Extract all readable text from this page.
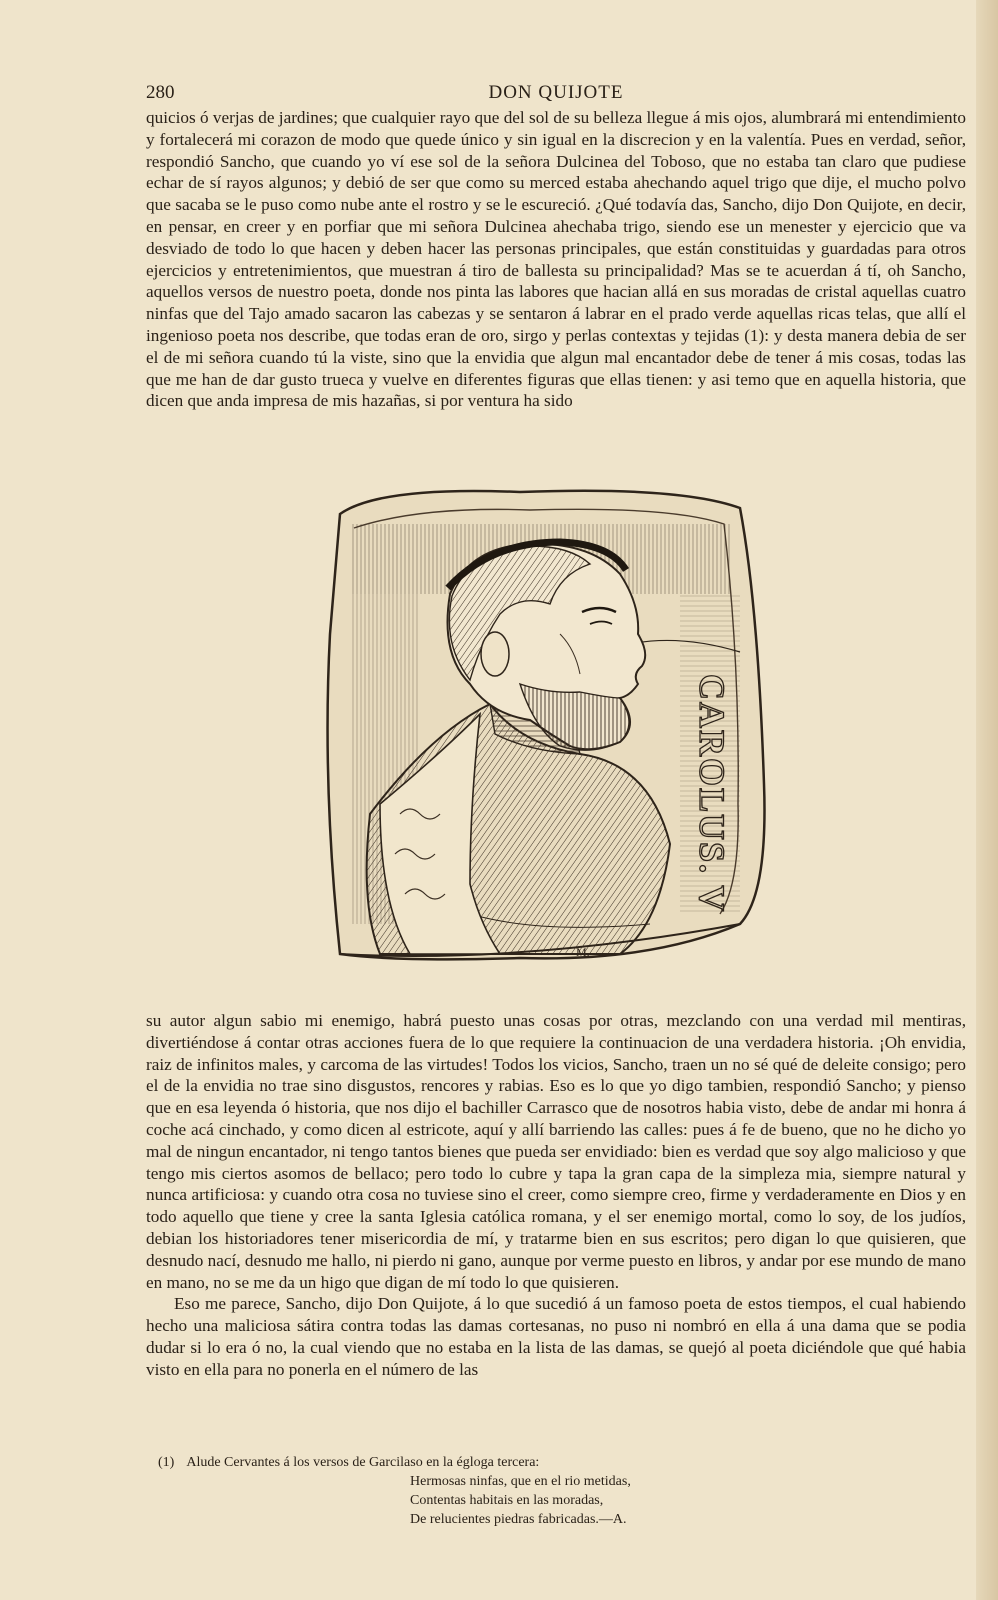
280	DON QUIJOTE

quicios ó verjas de jardines; que cualquier rayo que del sol de su belleza llegue á mis ojos, alumbrará mi entendimiento y fortalecerá mi corazon de modo que quede único y sin igual en la discrecion y en la valentía. Pues en verdad, señor, respondió Sancho, que cuando yo ví ese sol de la señora Dulcinea del Toboso, que no estaba tan claro que pudiese echar de sí rayos algunos; y debió de ser que como su merced estaba ahechando aquel trigo que dije, el mucho polvo que sacaba se le puso como nube ante el rostro y se le escureció. ¿Qué todavía das, Sancho, dijo Don Quijote, en decir, en pensar, en creer y en porfiar que mi señora Dulcinea ahechaba trigo, siendo ese un menester y ejercicio que va desviado de todo lo que hacen y deben hacer las personas principales, que están constituidas y guardadas para otros ejercicios y entretenimientos, que muestran á tiro de ballesta su principalidad? Mas se te acuerdan á tí, oh Sancho, aquellos versos de nuestro poeta, donde nos pinta las labores que hacian allá en sus moradas de cristal aquellas cuatro ninfas que del Tajo amado sacaron las cabezas y se sentaron á labrar en el prado verde aquellas ricas telas, que allí el ingenioso poeta nos describe, que todas eran de oro, sirgo y perlas contextas y tejidas (1): y desta manera debia de ser el de mi señora cuando tú la viste, sino que la envidia que algun mal encantador debe de tener á mis cosas, todas las que me han de dar gusto trueca y vuelve en diferentes figuras que ellas tienen: y asi temo que en aquella historia, que dicen que anda impresa de mis hazañas, si por ventura ha sido

CAROLUS. V
M.

su autor algun sabio mi enemigo, habrá puesto unas cosas por otras, mezclando con una verdad mil mentiras, divertiéndose á contar otras acciones fuera de lo que requiere la continuacion de una verdadera historia. ¡Oh envidia, raiz de infinitos males, y carcoma de las virtudes! Todos los vicios, Sancho, traen un no sé qué de deleite consigo; pero el de la envidia no trae sino disgustos, rencores y rabias. Eso es lo que yo digo tambien, respondió Sancho; y pienso que en esa leyenda ó historia, que nos dijo el bachiller Carrasco que de nosotros habia visto, debe de andar mi honra á coche acá cinchado, y como dicen al estricote, aquí y allí barriendo las calles: pues á fe de bueno, que no he dicho yo mal de ningun encantador, ni tengo tantos bienes que pueda ser envidiado: bien es verdad que soy algo malicioso y que tengo mis ciertos asomos de bellaco; pero todo lo cubre y tapa la gran capa de la simpleza mia, siempre natural y nunca artificiosa: y cuando otra cosa no tuviese sino el creer, como siempre creo, firme y verdaderamente en Dios y en todo aquello que tiene y cree la santa Iglesia católica romana, y el ser enemigo mortal, como lo soy, de los judíos, debian los historiadores tener misericordia de mí, y tratarme bien en sus escritos; pero digan lo que quisieren, que desnudo nací, desnudo me hallo, ni pierdo ni gano, aunque por verme puesto en libros, y andar por ese mundo de mano en mano, no se me da un higo que digan de mí todo lo que quisieren.

Eso me parece, Sancho, dijo Don Quijote, á lo que sucedió á un famoso poeta de estos tiempos, el cual habiendo hecho una maliciosa sátira contra todas las damas cortesanas, no puso ni nombró en ella á una dama que se podia dudar si lo era ó no, la cual viendo que no estaba en la lista de las damas, se quejó al poeta diciéndole que qué habia visto en ella para no ponerla en el número de las

(1) Alude Cervantes á los versos de Garcilaso en la égloga tercera:
Hermosas ninfas, que en el rio metidas,
Contentas habitais en las moradas,
De relucientes piedras fabricadas.—A.
